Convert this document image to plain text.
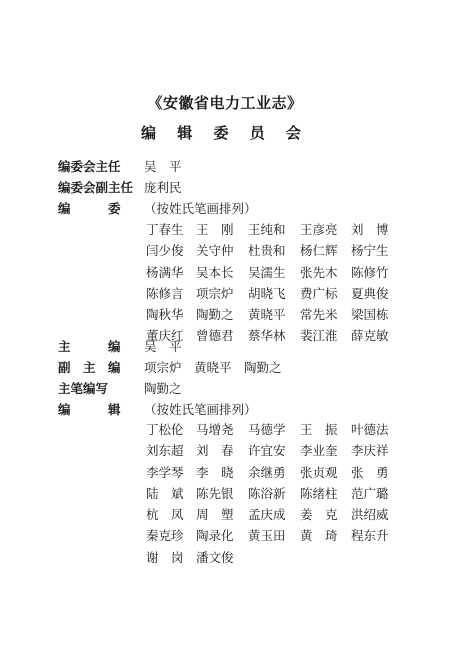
《安徽省电力工业志》
编 辑 委 员 会
编委会主任 吴　平
编委会副主任 庞利民
编　　　委 （按姓氏笔画排列）
丁春生 王　刚 王纯和 王彦亮 刘　博
闫少俊 关守仲 杜贵和 杨仁辉 杨宁生
杨满华 吴本长 吴濡生 张先木 陈修竹
陈修言 项宗炉 胡晓飞 费广标 夏典俊
陶秋华 陶勤之 黄晓平 常先米 梁国栋
董庆红 曾德君 蔡华林 裴江淮 薛克敏
主　　　编 吴　平
副　主　编 项宗炉　黄晓平　陶勤之
主笔编写	陶勤之
编　　　辑 （按姓氏笔画排列）
丁松伦 马增尧 马德学 王　振 叶德法
刘东超 刘　春 许宜安 李业奎 李庆祥
李学琴 李　晓 余继勇 张贞观 张　勇
陆　斌 陈先银 陈浴新 陈绪柱 范广璐
杭　凤 周　塑 孟庆成 姜　克 洪绍威
秦克珍 陶录化 黄玉田 黄　琦 程东升
谢　岗 潘文俊
